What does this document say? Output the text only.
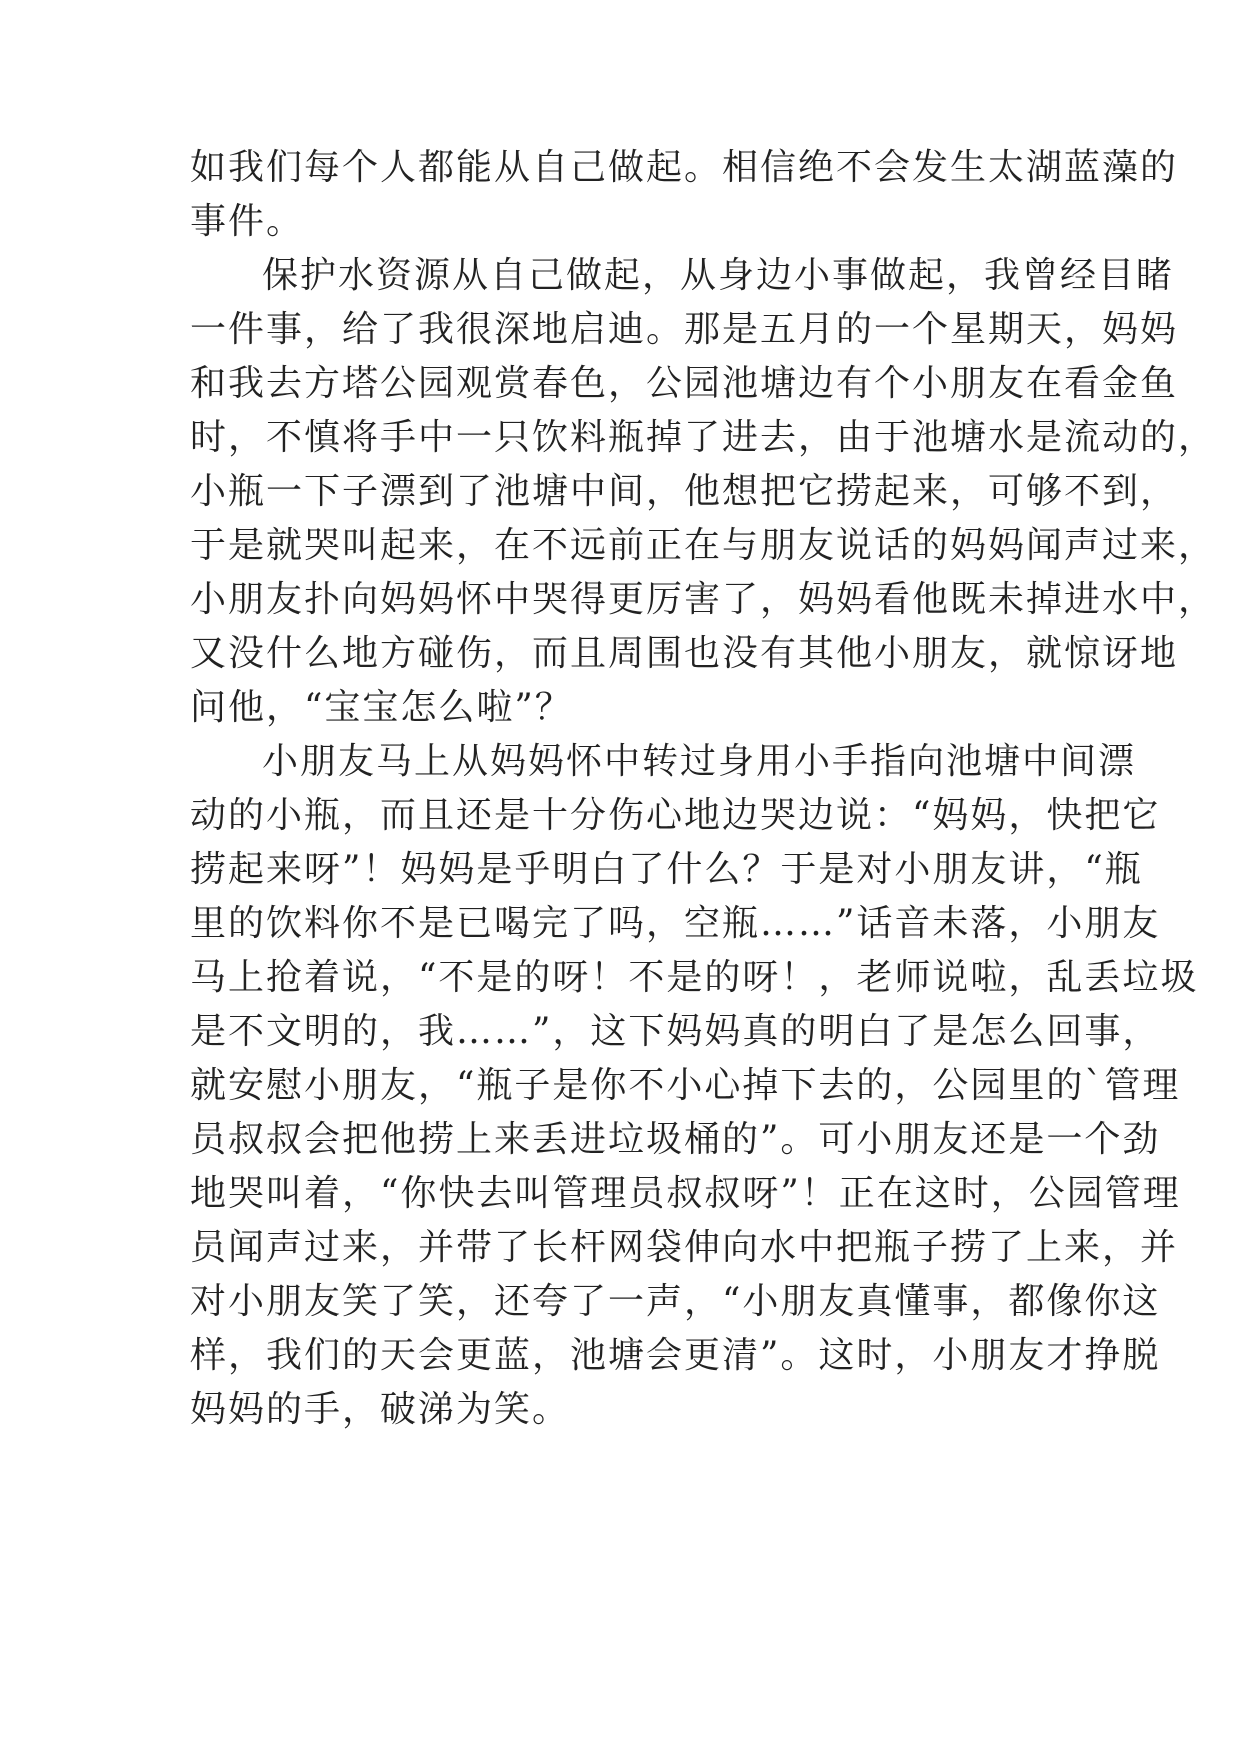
如我们每个人都能从自己做起。相信绝不会发生太湖蓝藻的
事件。
保护水资源从自己做起，从身边小事做起，我曾经目睹
一件事，给了我很深地启迪。那是五月的一个星期天，妈妈
和我去方塔公园观赏春色，公园池塘边有个小朋友在看金鱼
时，不慎将手中一只饮料瓶掉了进去，由于池塘水是流动的，
小瓶一下子漂到了池塘中间，他想把它捞起来，可够不到，
于是就哭叫起来，在不远前正在与朋友说话的妈妈闻声过来，
小朋友扑向妈妈怀中哭得更厉害了，妈妈看他既未掉进水中，
又没什么地方碰伤，而且周围也没有其他小朋友，就惊讶地
问他，“宝宝怎么啦”？
小朋友马上从妈妈怀中转过身用小手指向池塘中间漂
动的小瓶，而且还是十分伤心地边哭边说：“妈妈，快把它
捞起来呀”！妈妈是乎明白了什么？于是对小朋友讲，“瓶
里的饮料你不是已喝完了吗，空瓶……”话音未落，小朋友
马上抢着说，“不是的呀！不是的呀！，老师说啦，乱丢垃圾
是不文明的，我……”，这下妈妈真的明白了是怎么回事，
就安慰小朋友，“瓶子是你不小心掉下去的，公园里的`管理
员叔叔会把他捞上来丢进垃圾桶的”。可小朋友还是一个劲
地哭叫着，“你快去叫管理员叔叔呀”！正在这时，公园管理
员闻声过来，并带了长杆网袋伸向水中把瓶子捞了上来，并
对小朋友笑了笑，还夸了一声，“小朋友真懂事，都像你这
样，我们的天会更蓝，池塘会更清”。这时，小朋友才挣脱
妈妈的手，破涕为笑。
